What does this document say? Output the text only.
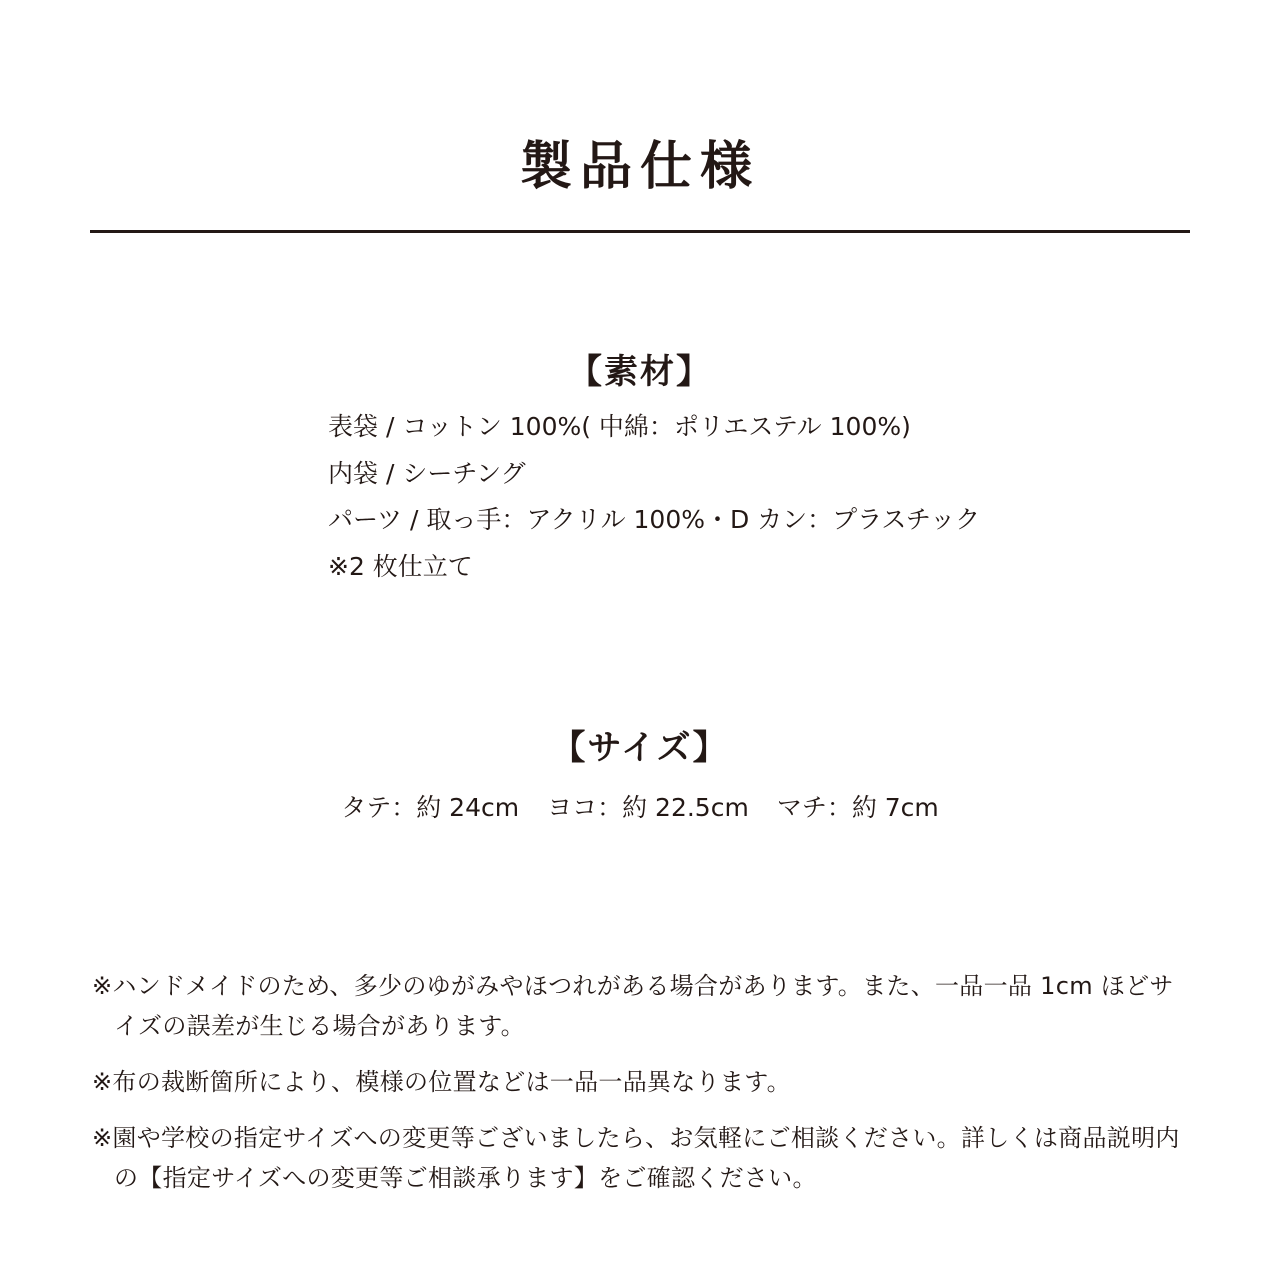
製品仕様
【素材】
表袋 / コットン 100%( 中綿：ポリエステル 100%)
内袋 / シーチング
パーツ / 取っ手：アクリル 100%・D カン：プラスチック
※2 枚仕立て
【サイズ】
タテ：約 24cm ヨコ：約 22.5cm マチ：約 7cm
※ハンドメイドのため、多少のゆがみやほつれがある場合があります。また、一品一品 1cm ほどサイズの誤差が生じる場合があります。
※布の裁断箇所により、模様の位置などは一品一品異なります。
※園や学校の指定サイズへの変更等ございましたら、お気軽にご相談ください。詳しくは商品説明内の【指定サイズへの変更等ご相談承ります】をご確認ください。
